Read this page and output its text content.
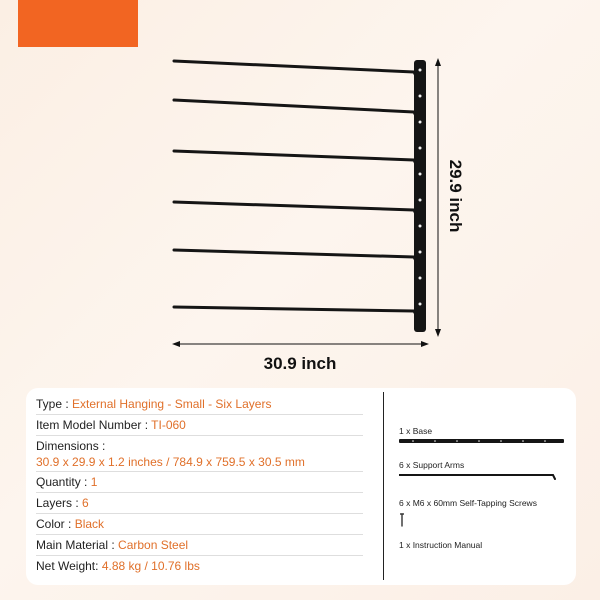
30.9 inch
29.9 inch
Type : External Hanging - Small - Six Layers
Item Model Number : TI-060
Dimensions :
30.9 x 29.9 x 1.2 inches / 784.9 x 759.5 x 30.5 mm
Quantity : 1
Layers : 6
Color : Black
Main Material : Carbon Steel
Net Weight: 4.88 kg / 10.76 lbs
1 x Base
6 x Support Arms
6 x M6 x 60mm Self-Tapping Screws
1 x Instruction Manual
